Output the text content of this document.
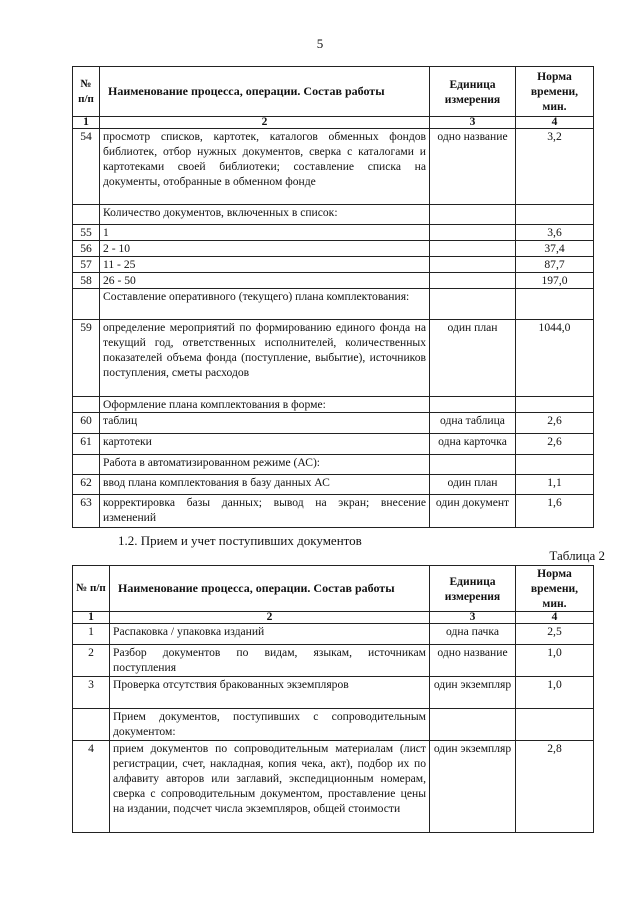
5
№ п/п	Наименование процесса, операции. Состав работы	Единица измерения	Норма времени, мин.
1	2	3	4
54	просмотр списков, картотек, каталогов обменных фондов библиотек, отбор нужных документов, сверка с каталогами и картотеками своей библиотеки; составление списка на документы, отобранные в обменном фонде	одно название	3,2
	Количество документов, включенных в список:		
55	1		3,6
56	2 - 10		37,4
57	11 - 25		87,7
58	26 - 50		197,0
	Составление оперативного (текущего) плана комплектования:		
59	определение мероприятий по формированию единого фонда на текущий год, ответственных исполнителей, количественных показателей объема фонда (поступление, выбытие), источников поступления, сметы расходов	один план	1044,0
	Оформление плана комплектования в форме:		
60	таблиц	одна таблица	2,6
61	картотеки	одна карточка	2,6
	Работа в автоматизированном режиме (АС):		
62	ввод плана комплектования в базу данных АС	один план	1,1
63	корректировка базы данных; вывод на экран; внесение изменений	один документ	1,6
1.2. Прием и учет поступивших документов
Таблица 2
№ п/п	Наименование процесса, операции. Состав работы	Единица измерения	Норма времени, мин.
1	2	3	4
1	Распаковка / упаковка изданий	одна пачка	2,5
2	Разбор документов по видам, языкам, источникам поступления	одно название	1,0
3	Проверка отсутствия бракованных экземпляров	один экземпляр	1,0
	Прием документов, поступивших с сопроводительным документом:		
4	прием документов по сопроводительным материалам (лист регистрации, счет, накладная, копия чека, акт), подбор их по алфавиту авторов или заглавий, экспедиционным номерам, сверка с сопроводительным документом, проставление цены на издании, подсчет числа экземпляров, общей стоимости	один экземпляр	2,8
